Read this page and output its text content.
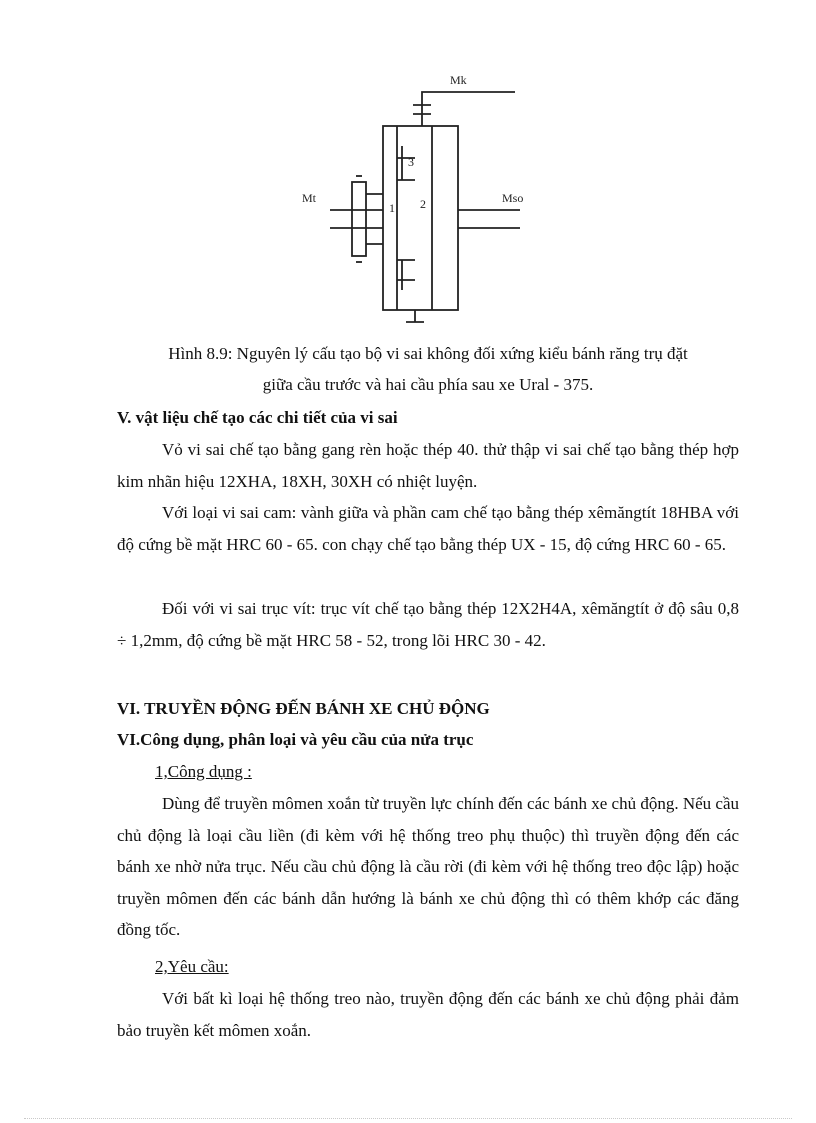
Mk
Mt	Mso
1 2
3
Hình 8.9: Nguyên lý cấu tạo bộ vi sai không đối xứng kiểu bánh răng trụ đặt
giữa cầu trước và hai cầu phía sau xe Ural - 375.
V. vật liệu chế tạo các chi tiết của vi sai
Vỏ vi sai chế tạo bằng gang rèn hoặc thép 40. thử thập vi sai chế tạo bằng thép hợp kim nhãn hiệu 12XHA, 18XH, 30XH có nhiệt luyện.
Với loại vi sai cam: vành giữa và phần cam chế tạo bằng thép xêmăngtít 18HBA với độ cứng bề mặt HRC 60 - 65. con chạy chế tạo bằng thép UX - 15, độ cứng HRC 60 - 65.
Đối với vi sai trục vít: trục vít chế tạo bằng thép 12X2H4A, xêmăngtít ở độ sâu 0,8 ÷ 1,2mm, độ cứng bề mặt HRC 58 - 52, trong lõi HRC 30 - 42.
VI. TRUYỀN ĐỘNG ĐẾN BÁNH XE CHỦ ĐỘNG
VI.Công dụng, phân loại và yêu cầu của nửa trục
1,Công dụng :
Dùng để truyền mômen xoắn từ truyền lực chính đến các bánh xe chủ động. Nếu cầu chủ động là loại cầu liền (đi kèm với hệ thống treo phụ thuộc) thì truyền động đến các bánh xe nhờ nửa trục. Nếu cầu chủ động là cầu rời (đi kèm với hệ thống treo độc lập) hoặc truyền mômen đến các bánh dẫn hướng là bánh xe chủ động thì có thêm khớp các đăng đồng tốc.
2,Yêu cầu:
Với bất kì loại hệ thống treo nào, truyền động đến các bánh xe chủ động phải đảm bảo truyền kết mômen xoắn.
